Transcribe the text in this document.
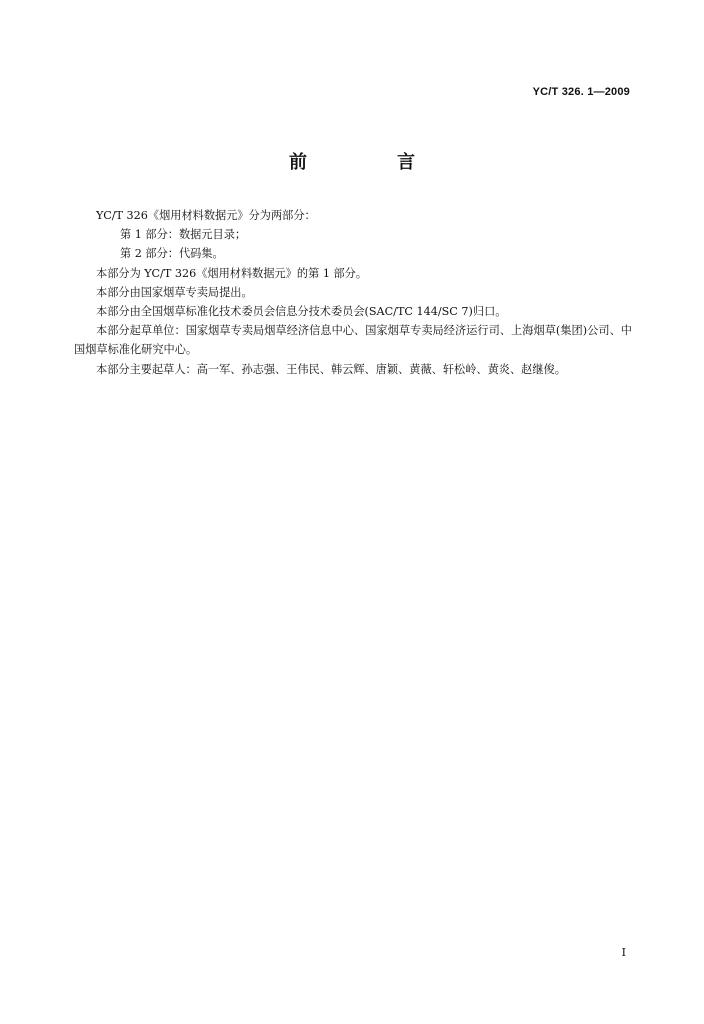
YC/T 326. 1—2009
前　言

YC/T 326《烟用材料数据元》分为两部分：

第 1 部分：数据元目录；

第 2 部分：代码集。

本部分为 YC/T 326《烟用材料数据元》的第 1 部分。

本部分由国家烟草专卖局提出。

本部分由全国烟草标准化技术委员会信息分技术委员会(SAC/TC 144/SC 7)归口。

本部分起草单位：国家烟草专卖局烟草经济信息中心、国家烟草专卖局经济运行司、上海烟草(集团)公司、中国烟草标准化研究中心。

本部分主要起草人：高一军、孙志强、王伟民、韩云辉、唐颖、黄薇、轩松岭、黄炎、赵继俊。

I
